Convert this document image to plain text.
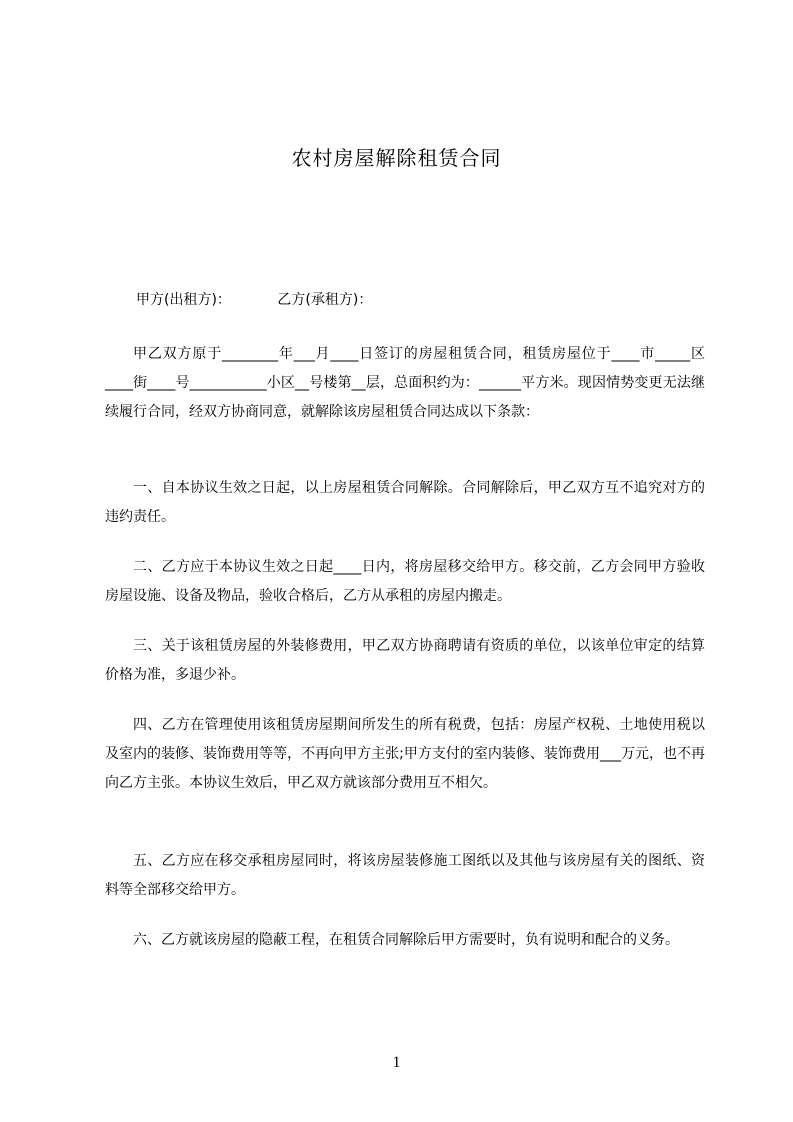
农村房屋解除租赁合同
甲方(出租方)：	乙方(承租方)：

甲乙双方原于________年___月____日签订的房屋租赁合同，租赁房屋位于____市_____区____街____号___________小区__号楼第__层，总面积约为：______平方米。现因情势变更无法继续履行合同，经双方协商同意，就解除该房屋租赁合同达成以下条款：

一、自本协议生效之日起，以上房屋租赁合同解除。合同解除后，甲乙双方互不追究对方的违约责任。

二、乙方应于本协议生效之日起____日内，将房屋移交给甲方。移交前，乙方会同甲方验收房屋设施、设备及物品，验收合格后，乙方从承租的房屋内搬走。

三、关于该租赁房屋的外装修费用，甲乙双方协商聘请有资质的单位，以该单位审定的结算价格为准，多退少补。

四、乙方在管理使用该租赁房屋期间所发生的所有税费，包括：房屋产权税、土地使用税以及室内的装修、装饰费用等等，不再向甲方主张;甲方支付的室内装修、装饰费用___万元，也不再向乙方主张。本协议生效后，甲乙双方就该部分费用互不相欠。

五、乙方应在移交承租房屋同时，将该房屋装修施工图纸以及其他与该房屋有关的图纸、资料等全部移交给甲方。

六、乙方就该房屋的隐蔽工程，在租赁合同解除后甲方需要时，负有说明和配合的义务。

1
